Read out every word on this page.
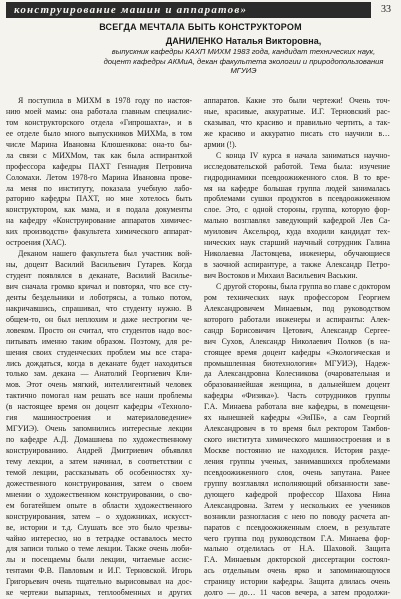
конструирование машин и аппаратов»	33
ВСЕГДА МЕЧТАЛА БЫТЬ КОНСТРУКТОРОМ
ДАНИЛЕНКО Наталья Викторовна,
выпускник кафедры КАХП МИХМ 1983 года, кандидат технических наук,
доцент кафедры АКМиА, декан факультета экологии и природопользования МГУИЭ
Я поступила в МИХМ в 1978 году по настоя-
нию моей мамы: она работала главным специалис-
том конструкторского отдела «Гипрошахта», и в
ее отделе было много выпускников МИХМа, в том
числе Марина Ивановна Клюшенкова: она-то бы-
ла связи с МИХМом, так как была аспиранткой
профессора кафедры ПАХТ Геннадия Петровича
Соломахи. Летом 1978-го Марина Ивановна прове-
ла меня по институту, показала учебную лабо-
раторию кафедры ПАХТ, но мне хотелось быть
конструктором, как мама, и я подала документы
на кафедру «Конструирование аппаратов химичес-
ких производств» факультета химического аппарат-
остроения (ХАС).
Деканом нашего факультета был участник вой-
ны, доцент Василий Васильевич Гутарев. Когда
студент появлялся в деканате, Василий Василье-
вич сначала громко кричал и повторял, что все сту-
денты бездельники и лоботрясы, а только потом,
накричавшись, спрашивал, что студенту нужно. В
общем-то, он был неплохим и даже нестрогим че-
ловеком. Просто он считал, что студентов надо вос-
питывать именно таким образом. Поэтому, для ре-
шения своих студенческих проблем мы все стара-
лись дождаться, когда в деканате будет находиться
только зам. декана — Анатолий Георгиевич Кли-
мов. Этот очень мягкий, интеллигентный человек
тактично помогал нам решать все наши проблемы
(в настоящее время он доцент кафедры «Техноло-
гия машиностроения и материаловедение»
МГУИЭ). Очень запомнились интересные лекции
по кафедре А.Д. Домашнева по художественному
конструированию. Андрей Дмитриевич объявлял
тему лекции, а затем начинал, в соответствии с
темой лекции, рассказывать об особенностях ху-
дожественного конструирования, затем о своем
мнении о художественном конструировании, о сво-
ем богатейшем опыте в области художественного
конструирования, затем – о художниках, искусст-
ве, истории и т.д. Слушать все это было чрезвы-
чайно интересно, но в тетрадке оставалось место
для записи только о теме лекции. Также очень люби-
лы и посещаемы были лекции, читаемые ассис-
тентами Ф.В. Павловым и И.Г. Терновской. Игорь
Григорьевич очень тщательно вырисовывал на дос-
ке чертежи выпарных, теплообменных и других
аппаратов. Какие это были чертежи! Очень точ-
ные, красивые, аккуратные. И.Г. Терновский рас-
сказывал, что красиво и правильно чертить, а так-
же красиво и аккуратно писать сто научили в…
армии (!).
С конца IV курса я начала заниматься научно-
исследовательской работой. Тема была: изучение
гидродинамики псевдоожиженного слоя. В то вре-
мя на кафедре большая группа людей занималась
проблемами сушки продуктов в псевдоожиженном
слое. Это, с одной стороны, группа, которую фор-
мально возглавлял заведующий кафедрой Лев Са-
муилович Аксельрод, куда входили кандидат тех-
нических наук старший научный сотрудник Галина
Николаевна Ластовцева, инженеры, обучающиеся
в заочной аспирантуре, а также Александр Петро-
вич Востоков и Михаил Васильевич Васькин.
С другой стороны, была группа во главе с доктором
ром технических наук профессором Георгием
Александровичем Минаевым, под руководством
которого работали инженеры и аспиранты: Алек-
сандр Борисовичич Цетович, Александр Сергее-
вич Сухов, Александр Николаевич Полков (в на-
стоящее время доцент кафедры «Экологическая и
промышленная биотехнология» МГУИЭ), Надеж-
да Александровна Колесникова (очаровательная и
образованнейшая женщина, в дальнейшем доцент
кафедры «Физика»). Часть сотрудников группы
Г.А. Минаева работала вне кафедры, в помещени-
ях нынешней кафедры «ЭиПБ», а сам Георгий
Александрович в то время был ректором Тамбов-
ского института химического машиностроения и в
Москве постоянно не находился. История разде-
ления группы ученых, занимавшихся проблемами
псевдоожиженного слоя, очень запутана. Ранее
группу возглавлял исполняющий обязанности заве-
дующего кафедрой профессор Шахова Нина
Александровна. Затем у нескольких ее учеников
возникли разногласия с нею по поводу расчета ап-
паратов с псевдоожиженным слоем, в результате
чего группа под руководством Г.А. Минаева фор-
мально отделилась от Н.А. Шаховой. Защита
Г.А. Минаевым докторской диссертации состоял-
ась отдельным очень ярко и запоминающуюся
страницу истории кафедры. Защита длилась очень
долго — до… 11 часов вечера, а затем продолжи-
